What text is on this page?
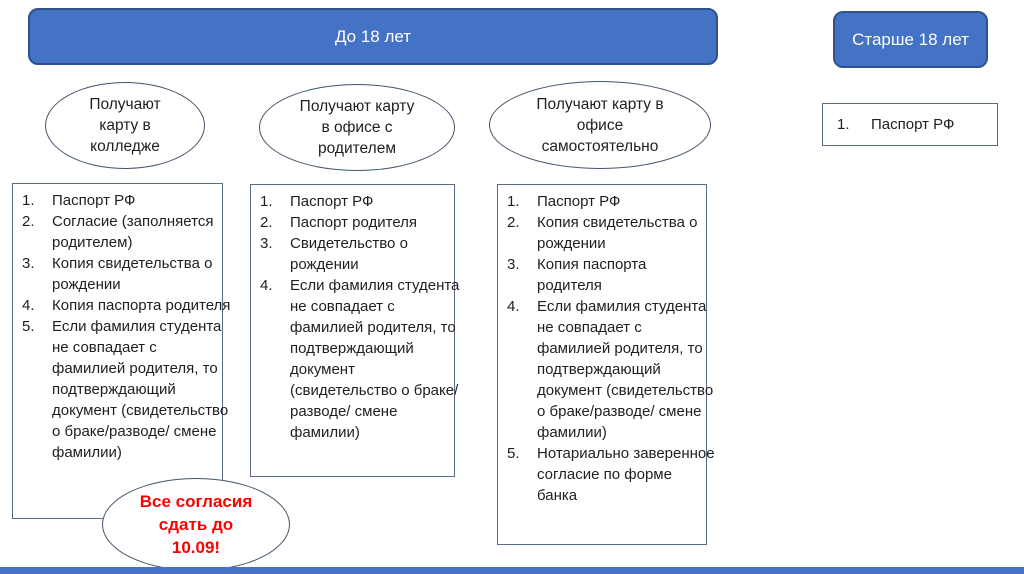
До 18 лет	Старше 18 лет
Получают карту в колледже
Получают карту в офисе с родителем
Получают карту в офисе самостоятельно
Паспорт РФ
Паспорт РФ
Согласие (заполняется родителем)
Копия свидетельства о рождении
Копия паспорта родителя
Если фамилия студента не совпадает с фамилией родителя, то подтверждающий документ (свидетельство о браке/разводе/ смене фамилии)
Паспорт РФ
Паспорт родителя
Свидетельство о рождении
Если фамилия студента не совпадает с фамилией родителя, то подтверждающий документ (свидетельство о браке/разводе/ смене фамилии)
Паспорт РФ
Копия свидетельства о рождении
Копия паспорта родителя
Если фамилия студента не совпадает с фамилией родителя, то подтверждающий документ (свидетельство о браке/разводе/ смене фамилии)
Нотариально заверенное согласие по форме банка
Все согласия
сдать до
10.09!
